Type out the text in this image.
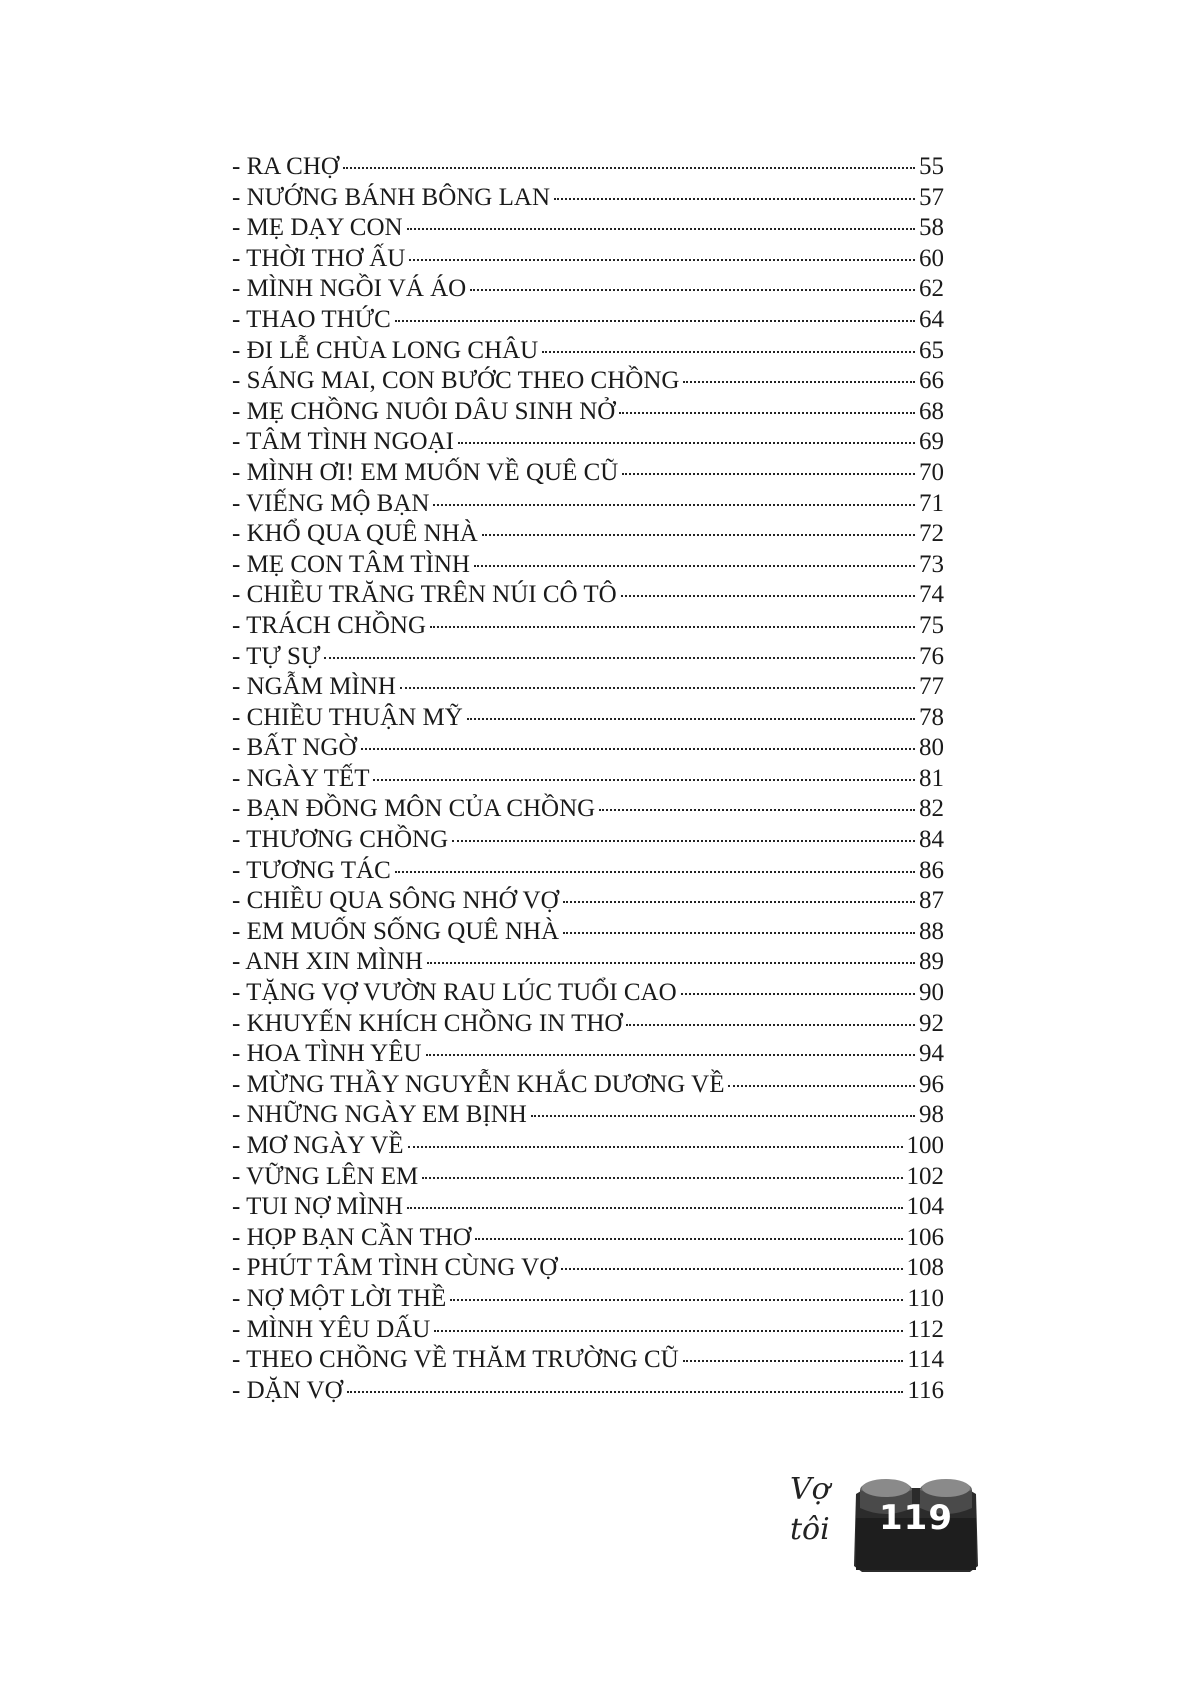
- RA CHỢ	55
- NƯỚNG BÁNH BÔNG LAN	57
- MẸ DẠY CON	58
- THỜI THƠ ẤU	60
- MÌNH NGỒI VÁ ÁO	62
- THAO THỨC	64
- ĐI LỄ CHÙA LONG CHÂU	65
- SÁNG MAI, CON BƯỚC THEO CHỒNG	66
- MẸ CHỒNG NUÔI DÂU SINH NỞ	68
- TÂM TÌNH NGOẠI	69
- MÌNH ƠI! EM MUỐN VỀ QUÊ CŨ	70
- VIẾNG MỘ BẠN	71
- KHỔ QUA QUÊ NHÀ	72
- MẸ CON TÂM TÌNH	73
- CHIỀU TRĂNG TRÊN NÚI CÔ TÔ	74
- TRÁCH CHỒNG	75
- TỰ SỰ	76
- NGẪM MÌNH	77
- CHIỀU THUẬN MỸ	78
- BẤT NGỜ	80
- NGÀY TẾT	81
- BẠN ĐỒNG MÔN CỦA CHỒNG	82
- THƯƠNG CHỒNG	84
- TƯƠNG TÁC	86
- CHIỀU QUA SÔNG NHỚ VỢ	87
- EM MUỐN SỐNG QUÊ NHÀ	88
- ANH XIN MÌNH	89
- TẶNG VỢ VƯỜN RAU LÚC TUỔI CAO	90
- KHUYẾN KHÍCH CHỒNG IN THƠ	92
- HOA TÌNH YÊU	94
- MỪNG THẦY NGUYỄN KHẮC DƯƠNG VỀ	96
- NHỮNG NGÀY EM BỊNH	98
- MƠ NGÀY VỀ	100
- VỮNG LÊN EM	102
- TUI NỢ MÌNH	104
- HỌP BẠN CẦN THƠ	106
- PHÚT TÂM TÌNH CÙNG VỢ	108
- NỢ MỘT LỜI THỀ	110
- MÌNH YÊU DẤU	112
- THEO CHỒNG VỀ THĂM TRƯỜNG CŨ	114
- DẶN VỢ	116
Vợ
tôi	119
